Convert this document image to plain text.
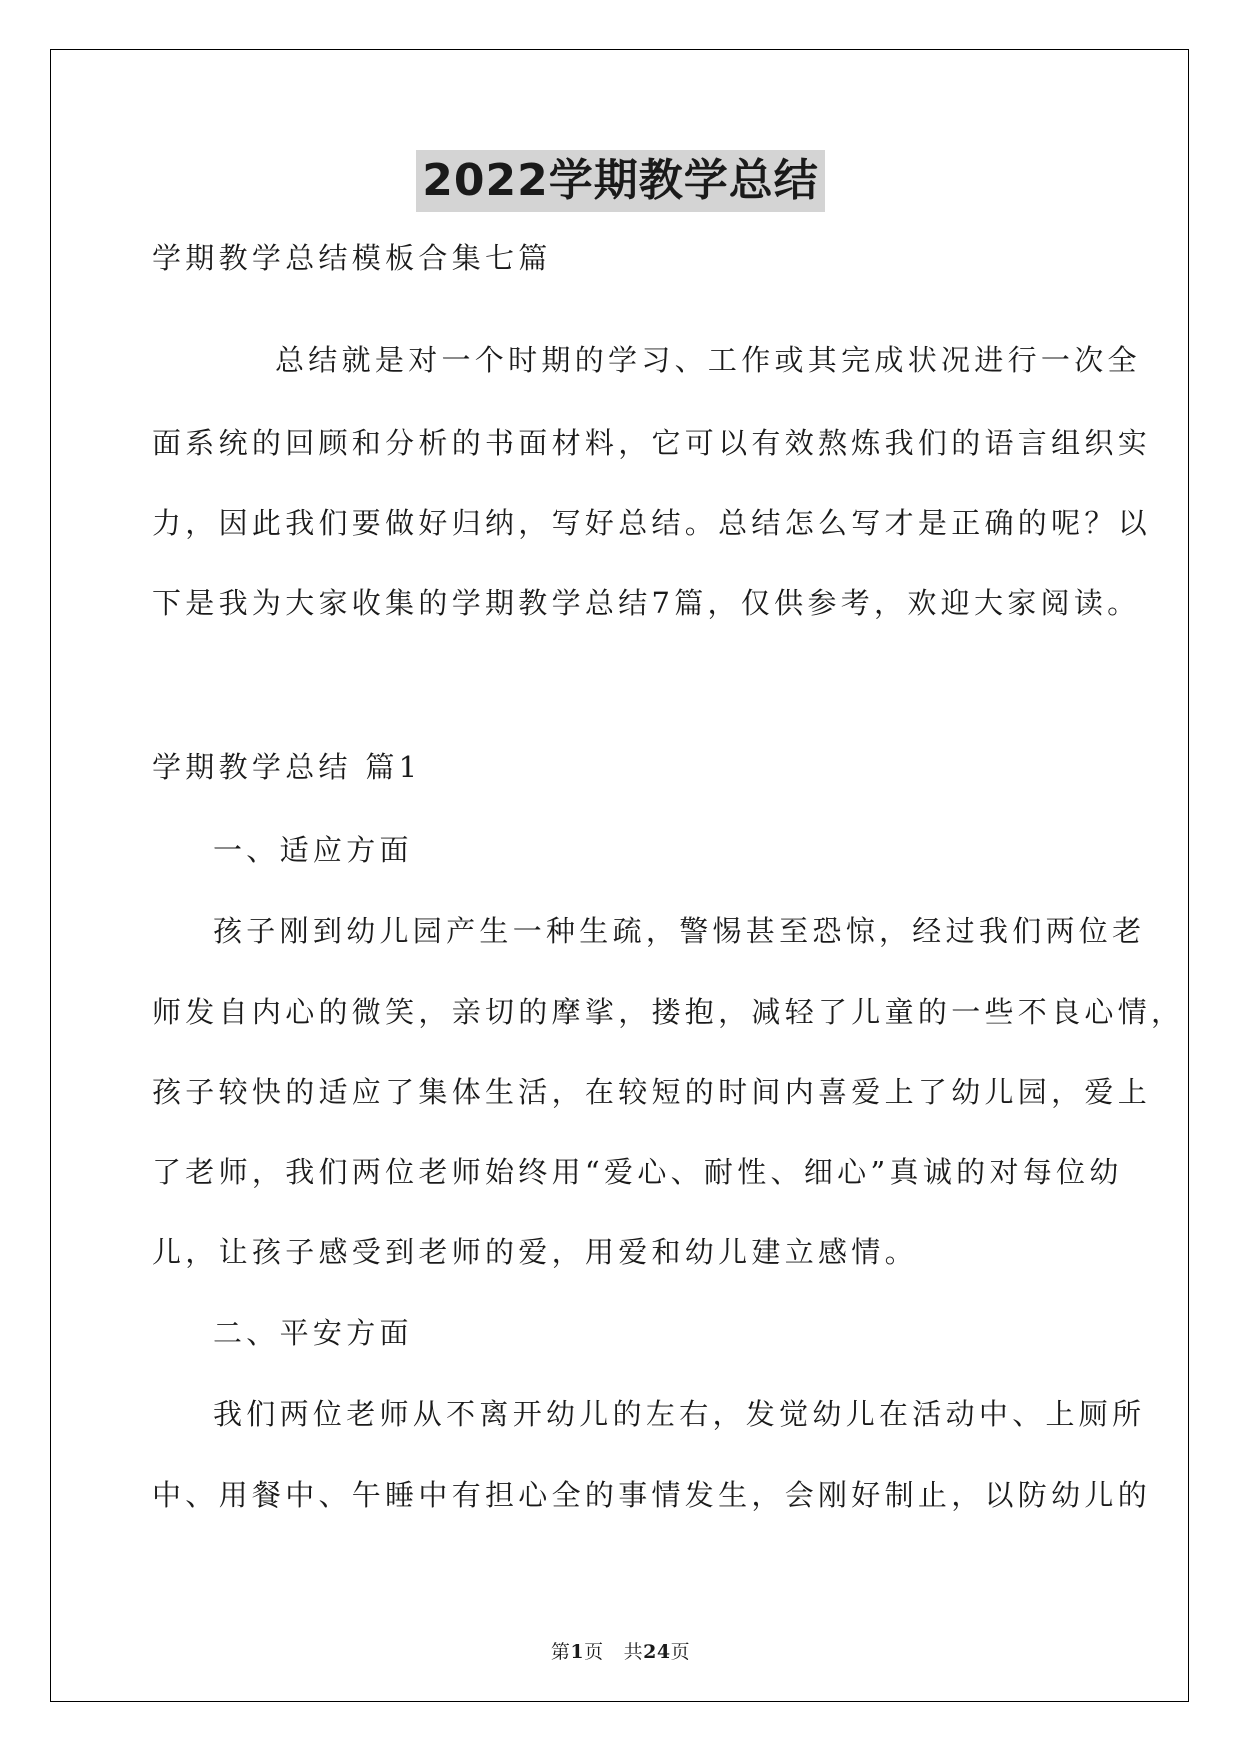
2022学期教学总结
学期教学总结模板合集七篇
总结就是对一个时期的学习、工作或其完成状况进行一次全
面系统的回顾和分析的书面材料，它可以有效熬炼我们的语言组织实
力，因此我们要做好归纳，写好总结。总结怎么写才是正确的呢？以
下是我为大家收集的学期教学总结7篇，仅供参考，欢迎大家阅读。
学期教学总结 篇1
一、适应方面
孩子刚到幼儿园产生一种生疏，警惕甚至恐惊，经过我们两位老
师发自内心的微笑，亲切的摩挲，搂抱，减轻了儿童的一些不良心情，
孩子较快的适应了集体生活，在较短的时间内喜爱上了幼儿园，爱上
了老师，我们两位老师始终用“爱心、耐性、细心”真诚的对每位幼
儿，让孩子感受到老师的爱，用爱和幼儿建立感情。
二、平安方面
我们两位老师从不离开幼儿的左右，发觉幼儿在活动中、上厕所
中、用餐中、午睡中有担心全的事情发生，会刚好制止，以防幼儿的
第1页 共24页
